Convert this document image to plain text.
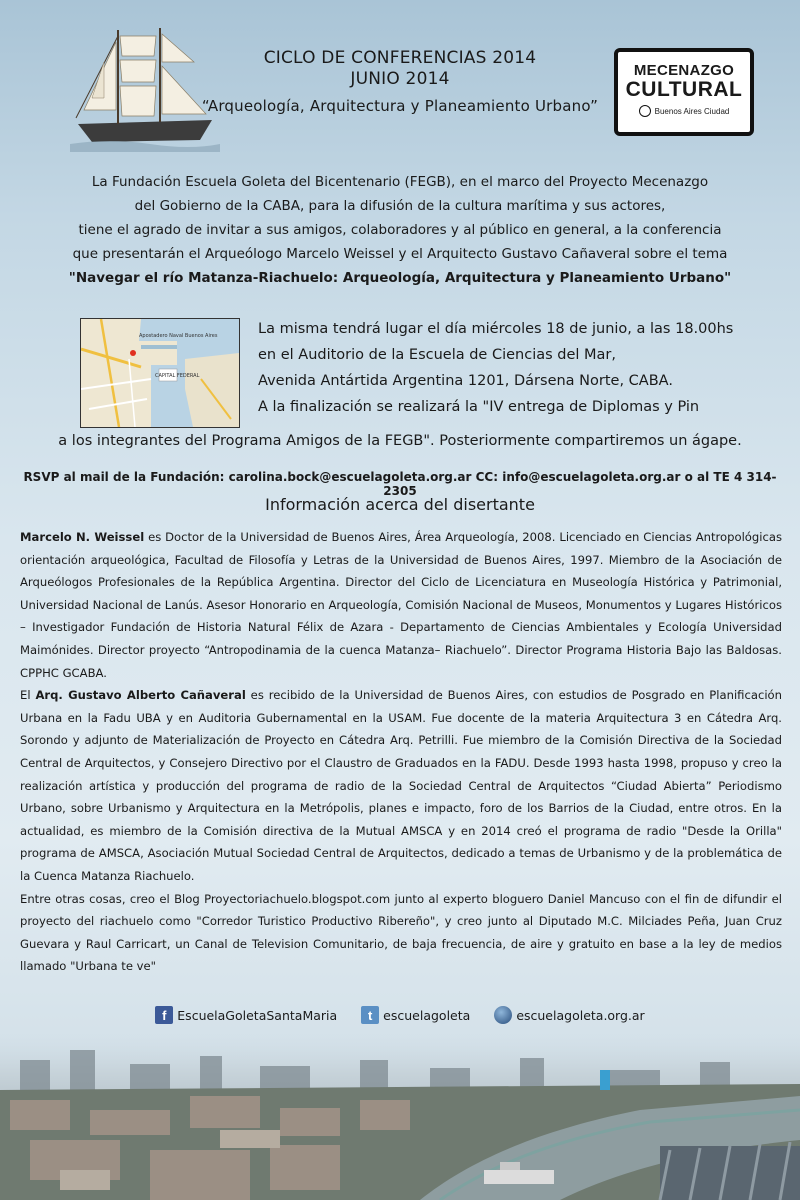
CICLO DE CONFERENCIAS 2014
JUNIO 2014
“Arqueología, Arquitectura y Planeamiento Urbano”
MECENAZGO
CULTURAL
Buenos Aires Ciudad
La Fundación Escuela Goleta del Bicentenario (FEGB), en el marco del Proyecto Mecenazgo
del Gobierno de la CABA, para la difusión de la cultura marítima y sus actores,
tiene el agrado de invitar a sus amigos, colaboradores y al público en general, a la conferencia
que presentarán el Arqueólogo Marcelo Weissel y el Arquitecto Gustavo Cañaveral sobre el tema
"Navegar el río Matanza-Riachuelo: Arqueología, Arquitectura y Planeamiento Urbano"
Apostadero Naval Buenos Aires
CAPITAL FEDERAL
La misma tendrá lugar el día miércoles 18 de junio, a las 18.00hs
en el Auditorio de la Escuela de Ciencias del Mar,
Avenida Antártida Argentina 1201, Dársena Norte, CABA.
A la finalización se realizará la "IV entrega de Diplomas y Pin
a los integrantes del Programa Amigos de la FEGB". Posteriormente compartiremos un ágape.
RSVP al mail de la Fundación: carolina.bock@escuelagoleta.org.ar CC: info@escuelagoleta.org.ar o al TE 4 314-2305
Información acerca del disertante

Marcelo N. Weissel es Doctor de la Universidad de Buenos Aires, Área Arqueología, 2008. Licenciado en Ciencias Antropológicas orientación arqueológica, Facultad de Filosofía y Letras de la Universidad de Buenos Aires, 1997. Miembro de la Asociación de Arqueólogos Profesionales de la República Argentina. Director del Ciclo de Licenciatura en Museología Histórica y Patrimonial, Universidad Nacional de Lanús. Asesor Honorario en Arqueología, Comisión Nacional de Museos, Monumentos y Lugares Históricos – Investigador Fundación de Historia Natural Félix de Azara - Departamento de Ciencias Ambientales y Ecología Universidad Maimónides. Director proyecto “Antropodinamia de la cuenca Matanza– Riachuelo”. Director Programa Historia Bajo las Baldosas. CPPHC GCABA.

El Arq. Gustavo Alberto Cañaveral es recibido de la Universidad de Buenos Aires, con estudios de Posgrado en Planificación Urbana en la Fadu UBA y en Auditoria Gubernamental en la USAM. Fue docente de la materia Arquitectura 3 en Cátedra Arq. Sorondo y adjunto de Materialización de Proyecto en Cátedra Arq. Petrilli. Fue miembro de la Comisión Directiva de la Sociedad Central de Arquitectos, y Consejero Directivo por el Claustro de Graduados en la FADU. Desde 1993 hasta 1998, propuso y creo la realización artística y producción del programa de radio de la Sociedad Central de Arquitectos “Ciudad Abierta” Periodismo Urbano, sobre Urbanismo y Arquitectura en la Metrópolis, planes e impacto, foro de los Barrios de la Ciudad, entre otros. En la actualidad, es miembro de la Comisión directiva de la Mutual AMSCA y en 2014 creó el programa de radio "Desde la Orilla" programa de AMSCA, Asociación Mutual Sociedad Central de Arquitectos, dedicado a temas de Urbanismo y de la problemática de la Cuenca Matanza Riachuelo.

Entre otras cosas, creo el Blog Proyectoriachuelo.blogspot.com junto al experto bloguero Daniel Mancuso con el fin de difundir el proyecto del riachuelo como "Corredor Turistico Productivo Ribereño", y creo junto al Diputado M.C. Milciades Peña, Juan Cruz Guevara y Raul Carricart, un Canal de Television Comunitario, de baja frecuencia, de aire y gratuito en base a la ley de medios llamado "Urbana te ve"

f EscuelaGoletaSantaMaria	t escuelagoleta	escuelagoleta.org.ar
